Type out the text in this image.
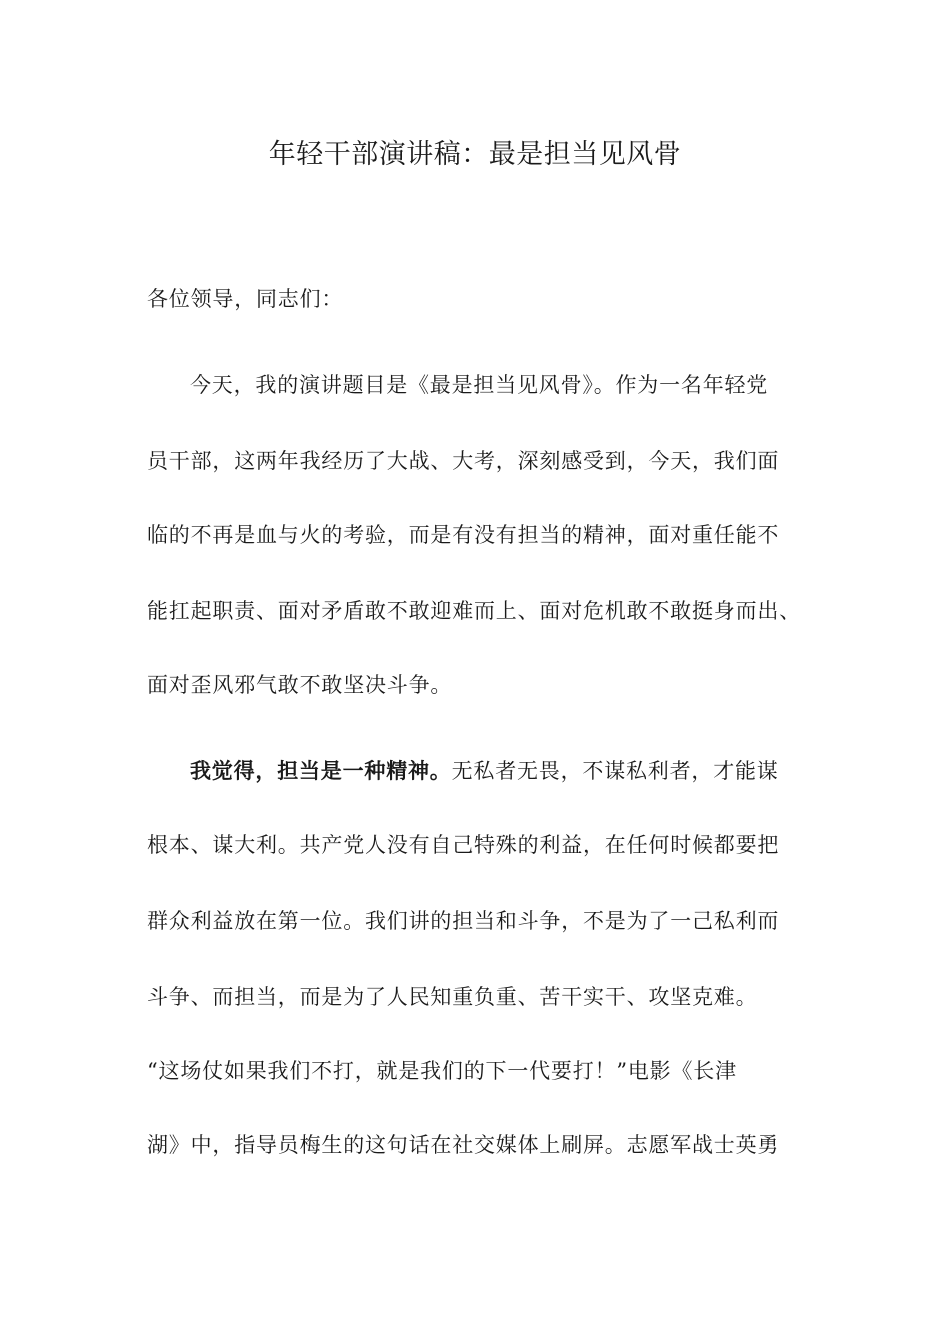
年轻干部演讲稿：最是担当见风骨
各位领导，同志们：
今天，我的演讲题目是《最是担当见风骨》。作为一名年轻党
员干部，这两年我经历了大战、大考，深刻感受到，今天，我们面
临的不再是血与火的考验，而是有没有担当的精神，面对重任能不
能扛起职责、面对矛盾敢不敢迎难而上、面对危机敢不敢挺身而出、
面对歪风邪气敢不敢坚决斗争。
我觉得，担当是一种精神。无私者无畏，不谋私利者，才能谋
根本、谋大利。共产党人没有自己特殊的利益，在任何时候都要把
群众利益放在第一位。我们讲的担当和斗争，不是为了一己私利而
斗争、而担当，而是为了人民知重负重、苦干实干、攻坚克难。
“这场仗如果我们不打，就是我们的下一代要打！”电影《长津
湖》中，指导员梅生的这句话在社交媒体上刷屏。志愿军战士英勇
